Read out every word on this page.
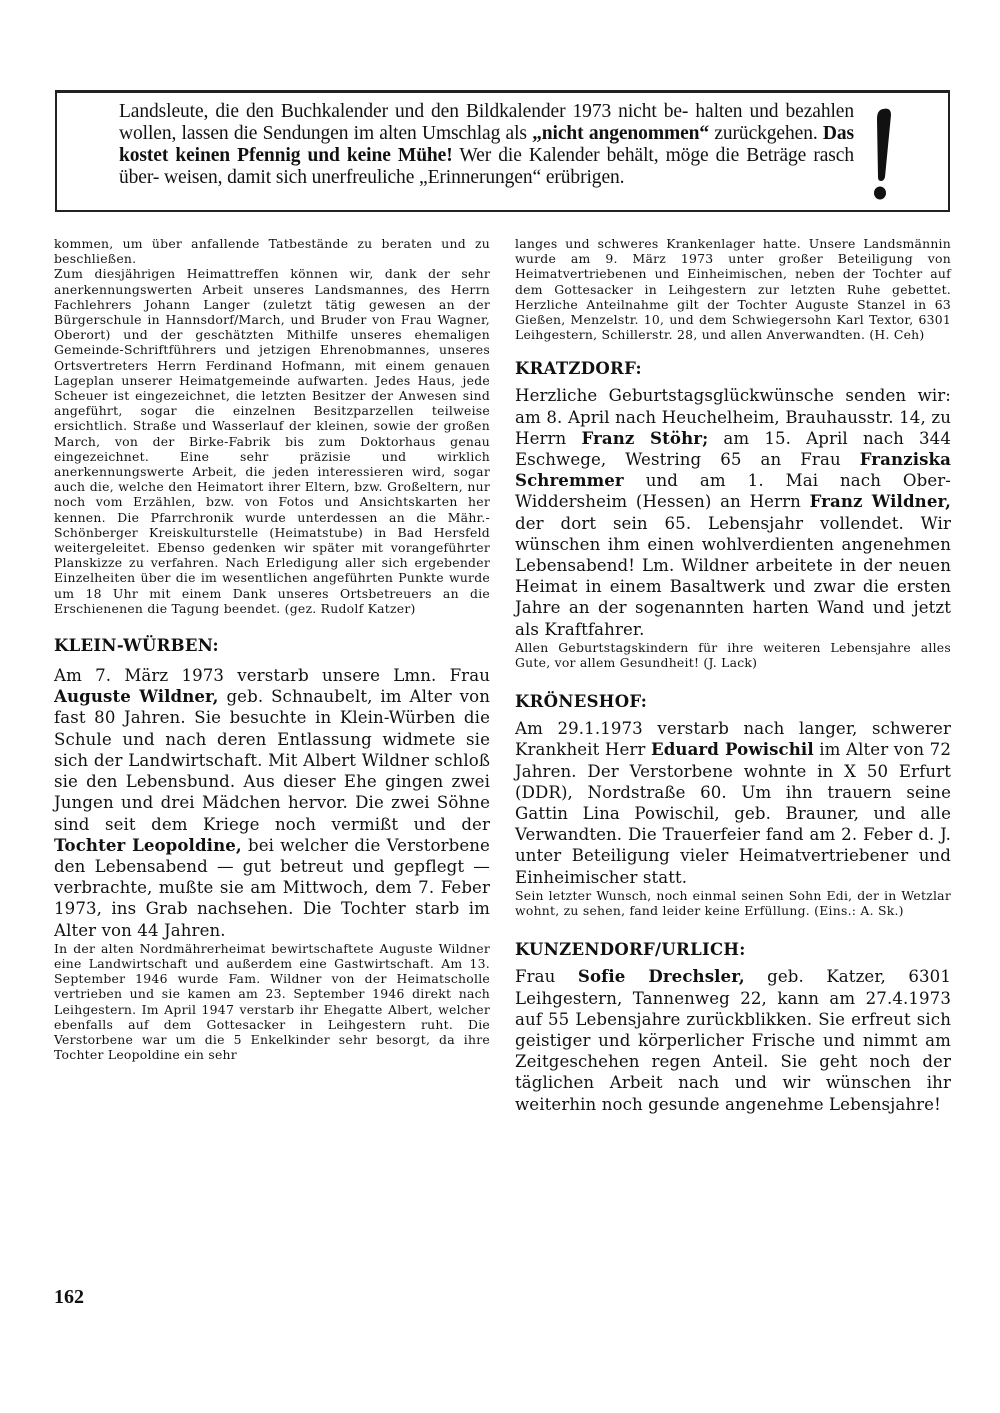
Landsleute, die den Buchkalender und den Bildkalender 1973 nicht be- halten und bezahlen wollen, lassen die Sendungen im alten Umschlag als „nicht angenommen“ zurückgehen. Das kostet keinen Pfennig und keine Mühe! Wer die Kalender behält, möge die Beträge rasch über- weisen, damit sich unerfreuliche „Erinnerungen“ erübrigen.

kommen, um über anfallende Tatbestände zu beraten und zu beschließen.

Zum diesjährigen Heimattreffen können wir, dank der sehr anerkennungswerten Arbeit unseres Landsmannes, des Herrn Fachlehrers Johann Langer (zuletzt tätig gewesen an der Bürgerschule in Hannsdorf/March, und Bruder von Frau Wagner, Oberort) und der geschätzten Mithilfe unseres ehemaligen Gemeinde-Schriftführers und jetzigen Ehrenobmannes, unseres Ortsvertreters Herrn Ferdinand Hofmann, mit einem genauen Lageplan unserer Heimatgemeinde aufwarten. Jedes Haus, jede Scheuer ist eingezeichnet, die letzten Besitzer der Anwesen sind angeführt, sogar die einzelnen Besitzparzellen teilweise ersichtlich. Straße und Wasserlauf der kleinen, sowie der großen March, von der Birke-Fabrik bis zum Doktorhaus genau eingezeichnet. Eine sehr präzisie und wirklich anerkennungswerte Arbeit, die jeden interessieren wird, sogar auch die, welche den Heimatort ihrer Eltern, bzw. Großeltern, nur noch vom Erzählen, bzw. von Fotos und Ansichtskarten her kennen. Die Pfarrchronik wurde unterdessen an die Mähr.-Schönberger Kreiskulturstelle (Heimatstube) in Bad Hersfeld weitergeleitet. Ebenso gedenken wir später mit vorangeführter Planskizze zu verfahren. Nach Erledigung aller sich ergebender Einzelheiten über die im wesentlichen angeführten Punkte wurde um 18 Uhr mit einem Dank unseres Ortsbetreuers an die Erschienenen die Tagung beendet. (gez. Rudolf Katzer)

KLEIN-WÜRBEN:

Am 7. März 1973 verstarb unsere Lmn. Frau Auguste Wildner, geb. Schnaubelt, im Alter von fast 80 Jahren. Sie besuchte in Klein-Würben die Schule und nach deren Entlassung widmete sie sich der Landwirtschaft. Mit Albert Wildner schloß sie den Lebensbund. Aus dieser Ehe gingen zwei Jungen und drei Mädchen hervor. Die zwei Söhne sind seit dem Kriege noch vermißt und der Tochter Leopoldine, bei welcher die Verstorbene den Lebensabend — gut betreut und gepflegt — verbrachte, mußte sie am Mittwoch, dem 7. Feber 1973, ins Grab nachsehen. Die Tochter starb im Alter von 44 Jahren.

In der alten Nordmährerheimat bewirtschaftete Auguste Wildner eine Landwirtschaft und außerdem eine Gastwirtschaft. Am 13. September 1946 wurde Fam. Wildner von der Heimatscholle vertrieben und sie kamen am 23. September 1946 direkt nach Leihgestern. Im April 1947 verstarb ihr Ehegatte Albert, welcher ebenfalls auf dem Gottesacker in Leihgestern ruht. Die Verstorbene war um die 5 Enkelkinder sehr besorgt, da ihre Tochter Leopoldine ein sehr

langes und schweres Krankenlager hatte. Unsere Landsmännin wurde am 9. März 1973 unter großer Beteiligung von Heimatvertriebenen und Einheimischen, neben der Tochter auf dem Gottesacker in Leihgestern zur letzten Ruhe gebettet. Herzliche Anteilnahme gilt der Tochter Auguste Stanzel in 63 Gießen, Menzelstr. 10, und dem Schwiegersohn Karl Textor, 6301 Leihgestern, Schillerstr. 28, und allen Anverwandten. (H. Ceh)

KRATZDORF:

Herzliche Geburtstagsglückwünsche senden wir: am 8. April nach Heuchelheim, Brauhausstr. 14, zu Herrn Franz Stöhr; am 15. April nach 344 Eschwege, Westring 65 an Frau Franziska Schremmer und am 1. Mai nach Ober-Widdersheim (Hessen) an Herrn Franz Wildner, der dort sein 65. Lebensjahr vollendet. Wir wünschen ihm einen wohlverdienten angenehmen Lebensabend! Lm. Wildner arbeitete in der neuen Heimat in einem Basaltwerk und zwar die ersten Jahre an der sogenannten harten Wand und jetzt als Kraftfahrer.

Allen Geburtstagskindern für ihre weiteren Lebensjahre alles Gute, vor allem Gesundheit! (J. Lack)

KRÖNESHOF:

Am 29.1.1973 verstarb nach langer, schwerer Krankheit Herr Eduard Powischil im Alter von 72 Jahren. Der Verstorbene wohnte in X 50 Erfurt (DDR), Nordstraße 60. Um ihn trauern seine Gattin Lina Powischil, geb. Brauner, und alle Verwandten. Die Trauerfeier fand am 2. Feber d. J. unter Beteiligung vieler Heimatvertriebener und Einheimischer statt.

Sein letzter Wunsch, noch einmal seinen Sohn Edi, der in Wetzlar wohnt, zu sehen, fand leider keine Erfüllung. (Eins.: A. Sk.)

KUNZENDORF/URLICH:

Frau Sofie Drechsler, geb. Katzer, 6301 Leihgestern, Tannenweg 22, kann am 27.4.1973 auf 55 Lebensjahre zurückblikken. Sie erfreut sich geistiger und körperlicher Frische und nimmt am Zeitgeschehen regen Anteil. Sie geht noch der täglichen Arbeit nach und wir wünschen ihr weiterhin noch gesunde angenehme Lebensjahre!

162
